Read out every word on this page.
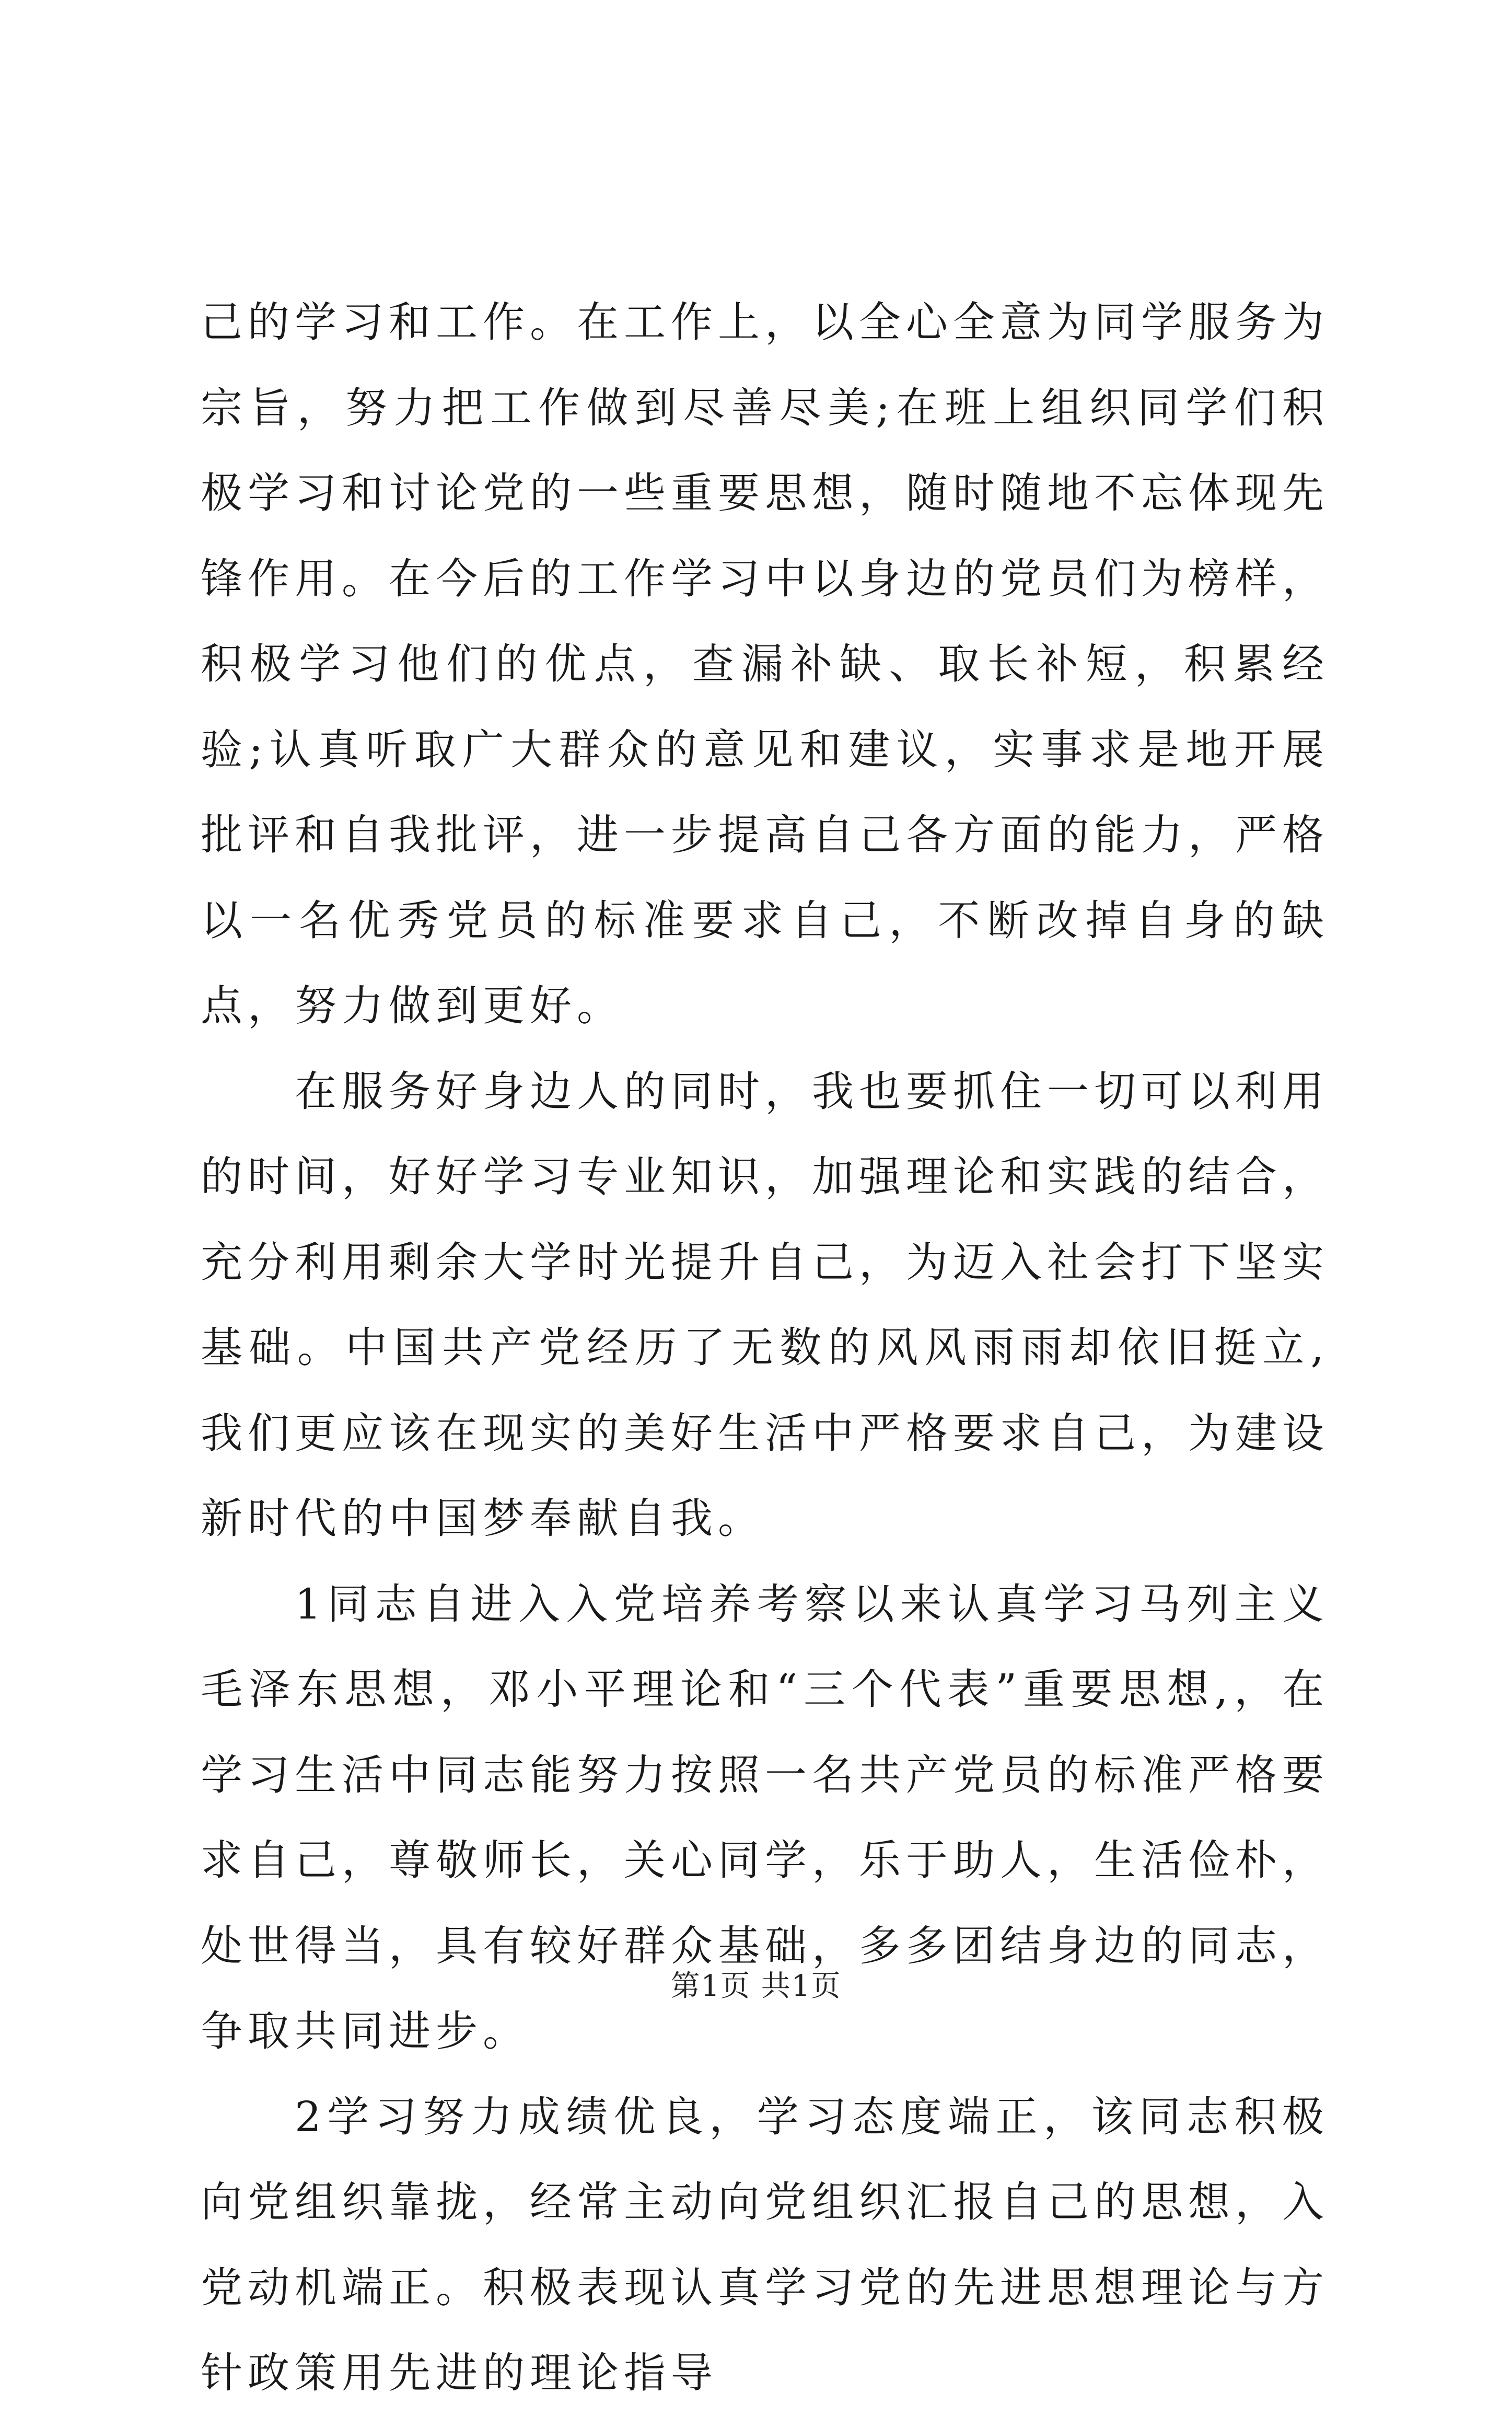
己的学习和工作。在工作上，以全心全意为同学服务为宗旨，努力把工作做到尽善尽美;在班上组织同学们积极学习和讨论党的一些重要思想，随时随地不忘体现先锋作用。在今后的工作学习中以身边的党员们为榜样，积极学习他们的优点，查漏补缺、取长补短，积累经验;认真听取广大群众的意见和建议，实事求是地开展批评和自我批评，进一步提高自己各方面的能力，严格以一名优秀党员的标准要求自己，不断改掉自身的缺点，努力做到更好。

在服务好身边人的同时，我也要抓住一切可以利用的时间，好好学习专业知识，加强理论和实践的结合，充分利用剩余大学时光提升自己，为迈入社会打下坚实基础。中国共产党经历了无数的风风雨雨却依旧挺立,我们更应该在现实的美好生活中严格要求自己，为建设新时代的中国梦奉献自我。

1同志自进入入党培养考察以来认真学习马列主义毛泽东思想，邓小平理论和“三个代表”重要思想,，在学习生活中同志能努力按照一名共产党员的标准严格要求自己，尊敬师长，关心同学，乐于助人，生活俭朴，处世得当，具有较好群众基础，多多团结身边的同志，争取共同进步。

2学习努力成绩优良，学习态度端正，该同志积极向党组织靠拢，经常主动向党组织汇报自己的思想，入党动机端正。积极表现认真学习党的先进思想理论与方针政策用先进的理论指导

第1页 共1页
